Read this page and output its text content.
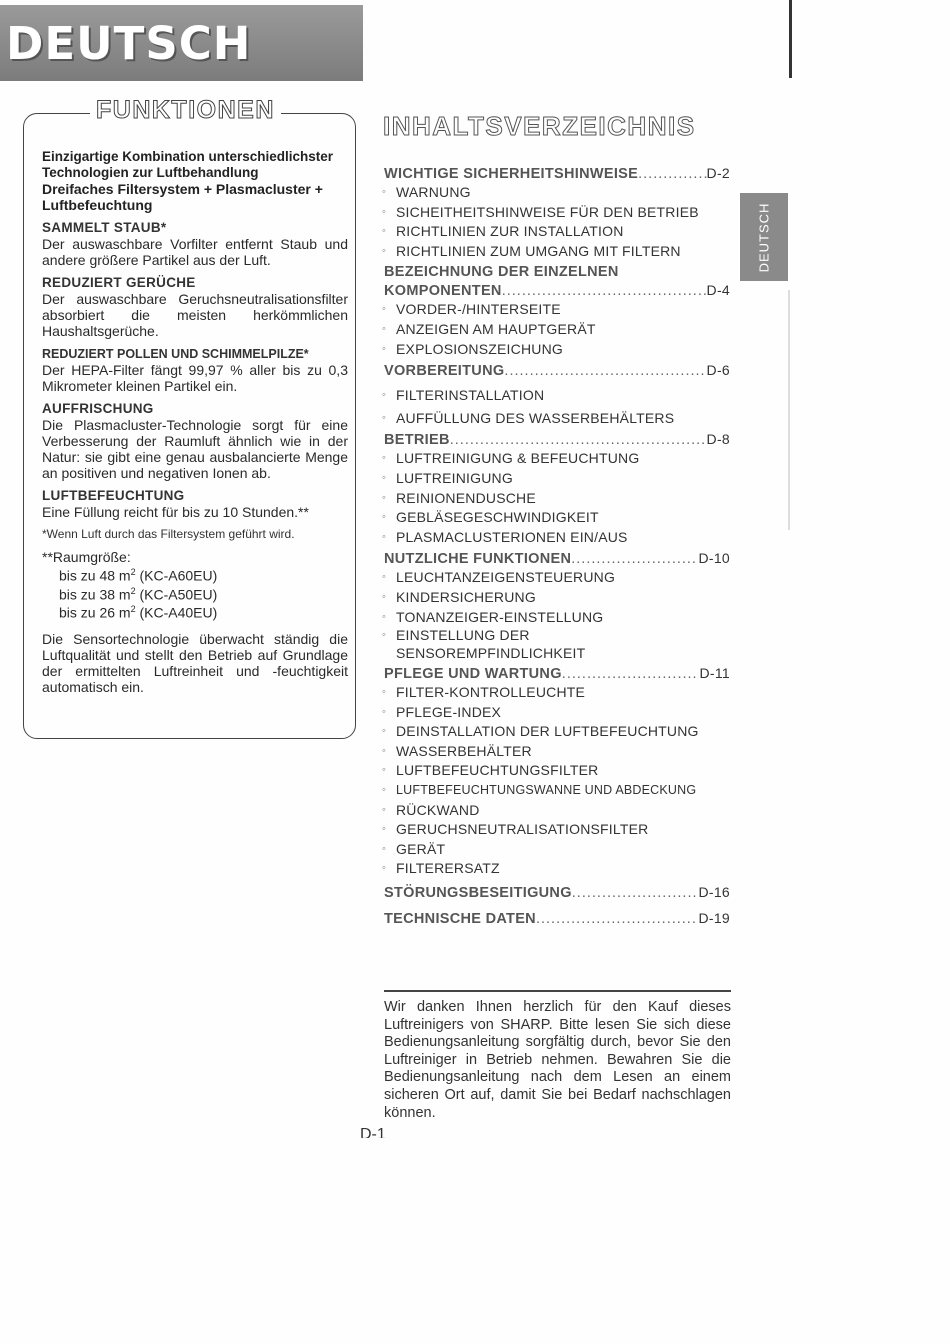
DEUTSCH
DEUTSCH
FUNKTIONEN
Einzigartige Kombination unterschiedlichster Technologien zur Luftbehandlung
Dreifaches Filtersystem + Plasmacluster + Luftbefeuchtung
SAMMELT STAUB*
Der auswaschbare Vorfilter entfernt Staub und andere größere Partikel aus der Luft.
REDUZIERT GERÜCHE
Der auswaschbare Geruchsneutralisationsfilter absorbiert die meisten herkömmlichen Haushaltsgerüche.
REDUZIERT POLLEN UND SCHIMMELPILZE*
Der HEPA-Filter fängt 99,97 % aller bis zu 0,3 Mikrometer kleinen Partikel ein.
AUFFRISCHUNG
Die Plasmacluster-Technologie sorgt für eine Verbesserung der Raumluft ähnlich wie in der Natur: sie gibt eine genau ausbalancierte Menge an positiven und negativen Ionen ab.
LUFTBEFEUCHTUNG
Eine Füllung reicht für bis zu 10 Stunden.**
*Wenn Luft durch das Filtersystem geführt wird.
**Raumgröße:
bis zu 48 $m^2$ (KC-A60EU)
bis zu 38 $m^2$ (KC-A50EU)
bis zu 26 $m^2$ (KC-A40EU)
Die Sensortechnologie überwacht ständig die Luftqualität und stellt den Betrieb auf Grundlage der ermittelten Luftreinheit und -feuchtigkeit automatisch ein.
INHALTSVERZEICHNIS
WICHTIGE SICHERHEITSHINWEISE .....	D-2
◦ WARNUNG
◦ SICHEITHEITSHINWEISE FÜR DEN BETRIEB
◦ RICHTLINIEN ZUR INSTALLATION
◦ RICHTLINIEN ZUM UMGANG MIT FILTERN
BEZEICHNUNG DER EINZELNEN
KOMPONENTEN .....	D-4
◦ VORDER-/HINTERSEITE
◦ ANZEIGEN AM HAUPTGERÄT
◦ EXPLOSIONSZEICHUNG
VORBEREITUNG .....	D-6
◦ FILTERINSTALLATION
◦ AUFFÜLLUNG DES WASSERBEHÄLTERS
BETRIEB .....	D-8
◦ LUFTREINIGUNG & BEFEUCHTUNG
◦ LUFTREINIGUNG
◦ REINIONENDUSCHE
◦ GEBLÄSEGESCHWINDIGKEIT
◦ PLASMACLUSTERIONEN EIN/AUS
NUTZLICHE FUNKTIONEN .....	D-10
◦ LEUCHTANZEIGENSTEUERUNG
◦ KINDERSICHERUNG
◦ TONANZEIGER-EINSTELLUNG
◦ EINSTELLUNG DER
SENSOREMPFINDLICHKEIT
PFLEGE UND WARTUNG .....	D-11
◦ FILTER-KONTROLLEUCHTE
◦ PFLEGE-INDEX
◦ DEINSTALLATION DER LUFTBEFEUCHTUNG
◦ WASSERBEHÄLTER
◦ LUFTBEFEUCHTUNGSFILTER
◦ LUFTBEFEUCHTUNGSWANNE UND ABDECKUNG
◦ RÜCKWAND
◦ GERUCHSNEUTRALISATIONSFILTER
◦ GERÄT
◦ FILTERERSATZ
STÖRUNGSBESEITIGUNG .....	D-16
TECHNISCHE DATEN .....	D-19
Wir danken Ihnen herzlich für den Kauf dieses Luftreinigers von SHARP. Bitte lesen Sie sich diese Bedienungsanleitung sorgfältig durch, bevor Sie den Luftreiniger in Betrieb nehmen. Bewahren Sie die Bedienungsanleitung nach dem Lesen an einem sicheren Ort auf, damit Sie bei Bedarf nachschlagen können.
D-1
